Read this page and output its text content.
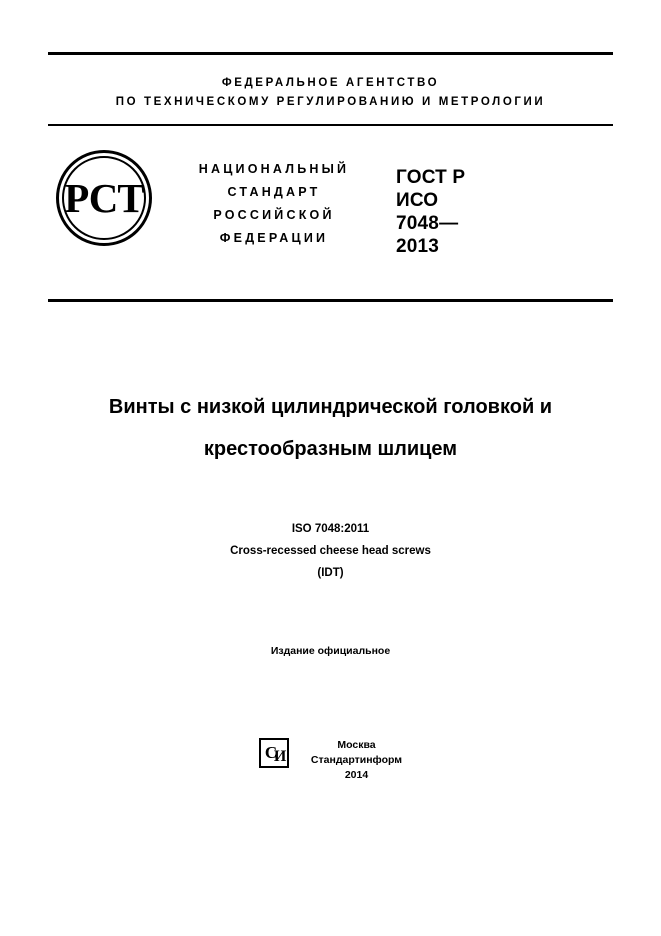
ФЕДЕРАЛЬНОЕ АГЕНТСТВО
ПО ТЕХНИЧЕСКОМУ РЕГУЛИРОВАНИЮ И МЕТРОЛОГИИ
РСТ
НАЦИОНАЛЬНЫЙ
СТАНДАРТ
РОССИЙСКОЙ
ФЕДЕРАЦИИ
ГОСТ Р
ИСО
7048—
2013
Винты с низкой цилиндрической головкой и
крестообразным шлицем
ISO 7048:2011
Cross-recessed cheese head screws
(IDT)
Издание официальное
С
И
Москва
Стандартинформ
2014
